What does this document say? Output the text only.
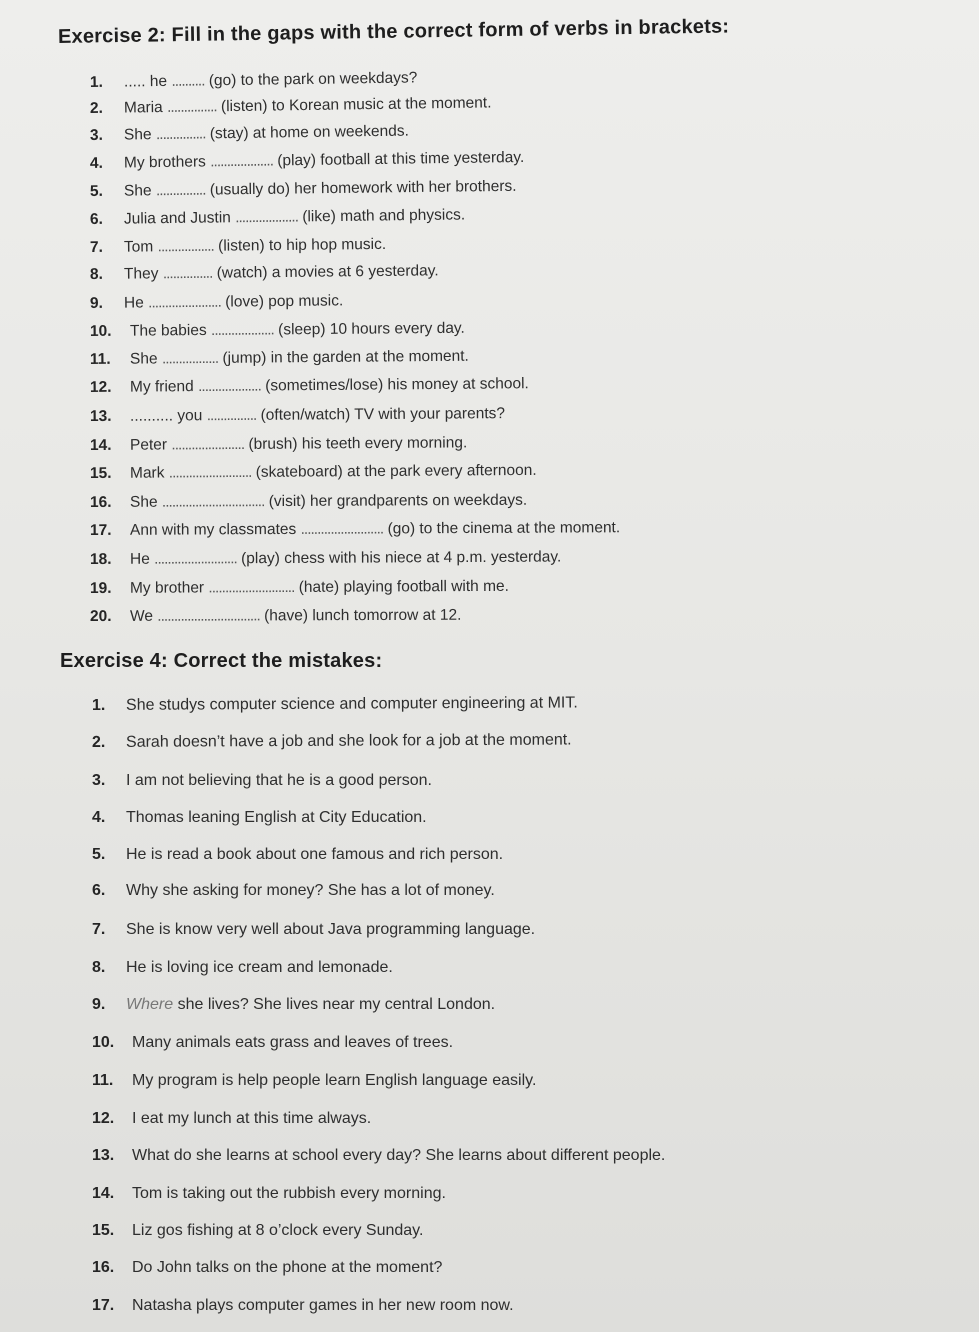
Exercise 2: Fill in the gaps with the correct form of verbs in brackets:
1. ..... he .......... (go) to the park on weekdays?
2. Maria ............... (listen) to Korean music at the moment.
3. She ............... (stay) at home on weekends.
4. My brothers ................... (play) football at this time yesterday.
5. She ............... (usually do) her homework with her brothers.
6. Julia and Justin ................... (like) math and physics.
7. Tom ................. (listen) to hip hop music.
8. They ............... (watch) a movies at 6 yesterday.
9. He ...................... (love) pop music.
10. The babies ................... (sleep) 10 hours every day.
11. She ................. (jump) in the garden at the moment.
12. My friend ................... (sometimes/lose) his money at school.
13. .......... you ............... (often/watch) TV with your parents?
14. Peter ...................... (brush) his teeth every morning.
15. Mark ......................... (skateboard) at the park every afternoon.
16. She ............................... (visit) her grandparents on weekdays.
17. Ann with my classmates ......................... (go) to the cinema at the moment.
18. He ......................... (play) chess with his niece at 4 p.m. yesterday.
19. My brother .......................... (hate) playing football with me.
20. We ............................... (have) lunch tomorrow at 12.
Exercise 4: Correct the mistakes:
1. She studys computer science and computer engineering at MIT.
2. Sarah doesn’t have a job and she look for a job at the moment.
3. I am not believing that he is a good person.
4. Thomas leaning English at City Education.
5. He is read a book about one famous and rich person.
6. Why she asking for money? She has a lot of money.
7. She is know very well about Java programming language.
8. He is loving ice cream and lemonade.
9. Where she lives? She lives near my central London.
10. Many animals eats grass and leaves of trees.
11. My program is help people learn English language easily.
12. I eat my lunch at this time always.
13. What do she learns at school every day? She learns about different people.
14. Tom is taking out the rubbish every morning.
15. Liz gos fishing at 8 o’clock every Sunday.
16. Do John talks on the phone at the moment?
17. Natasha plays computer games in her new room now.
